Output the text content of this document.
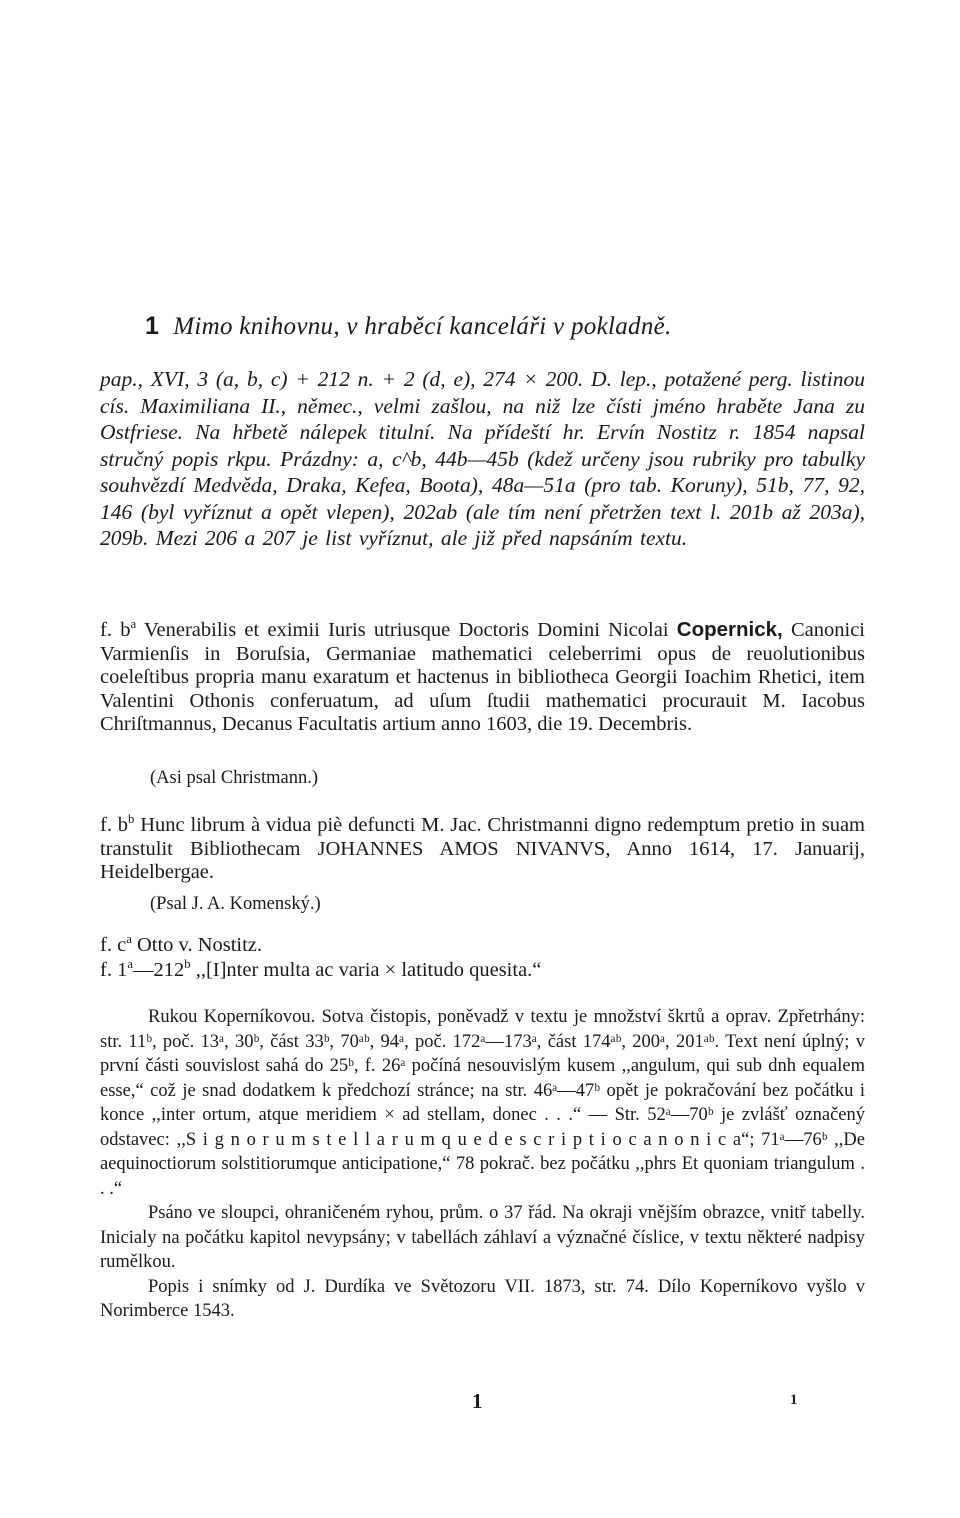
1 Mimo knihovnu, v hraběcí kanceláři v pokladně.
pap., XVI, 3 (a, b, c) + 212 n. + 2 (d, e), 274 × 200. D. lep., potažené perg. listinou cís. Maximiliana II., němec., velmi zašlou, na niž lze čísti jméno hraběte Jana zu Ostfriese. Na hřbetě nálepek titulní. Na přídeští hr. Ervín Nostitz r. 1854 napsal stručný popis rkpu. Prázdny: a, c^b, 44b—45b (kdež určeny jsou rubriky pro tabulky souhvězdí Medvěda, Draka, Kefea, Boota), 48a—51a (pro tab. Koruny), 51b, 77, 92, 146 (byl vyříznut a opět vlepen), 202ab (ale tím není přetržen text l. 201b až 203a), 209b. Mezi 206 a 207 je list vyříznut, ale již před napsáním textu.
f. $b^a$ Venerabilis et eximii Iuris utriusque Doctoris Domini Nicolai Copernick, Canonici Varmienſis in Boruſsia, Germaniae mathematici celeberrimi opus de reuolutionibus coeleſtibus propria manu exaratum et hactenus in bibliotheca Georgii Ioachim Rhetici, item Valentini Othonis conferuatum, ad uſum ſtudii mathematici procurauit M. Iacobus Chriſtmannus, Decanus Facultatis artium anno 1603, die 19. Decembris.
(Asi psal Christmann.)
f. $b^b$ Hunc librum à vidua piè defuncti M. Jac. Christmanni digno redemptum pretio in suam transtulit Bibliothecam JOHANNES AMOS NIVANVS, Anno 1614, 17. Januarij, Heidelbergae.
(Psal J. A. Komenský.)
f. $c^a$ Otto v. Nostitz.
f. 1$^a$—212$^b$ ,,[I]nter multa ac varia × latitudo quesita.“

Rukou Koperníkovou. Sotva čistopis, poněvadž v textu je množství škrtů a oprav. Zpřetrhány: str. 11ᵇ, poč. 13ᵃ, 30ᵇ, část 33ᵇ, 70ᵃᵇ, 94ᵃ, poč. 172ᵃ—173ᵃ, část 174ᵃᵇ, 200ᵃ, 201ᵃᵇ. Text není úplný; v první části souvislost sahá do 25ᵇ, f. 26ᵃ počíná nesouvislým kusem ,,angulum, qui sub dnh equalem esse,“ což je snad dodatkem k předchozí stránce; na str. 46ᵃ—47ᵇ opět je pokračování bez počátku i konce ,,inter ortum, atque meridiem × ad stellam, donec . . .“ — Str. 52ᵃ—70ᵇ je zvlášť označený odstavec: ,,S i g n o r u m s t e l l a r u m q u e d e s c r i p t i o c a n o n i c a“; 71ᵃ—76ᵇ ,,De aequinoctiorum solstitiorumque anticipatione,“ 78 pokrač. bez počátku ,,phrs Et quoniam triangulum . . .“

Psáno ve sloupci, ohraničeném ryhou, prům. o 37 řád. Na okraji vnějším obrazce, vnitř tabelly. Inicialy na počátku kapitol nevypsány; v tabellách záhlaví a význačné číslice, v textu některé nadpisy rumělkou.

Popis i snímky od J. Durdíka ve Světozoru VII. 1873, str. 74. Dílo Koperníkovo vyšlo v Norimberce 1543.

1	1
